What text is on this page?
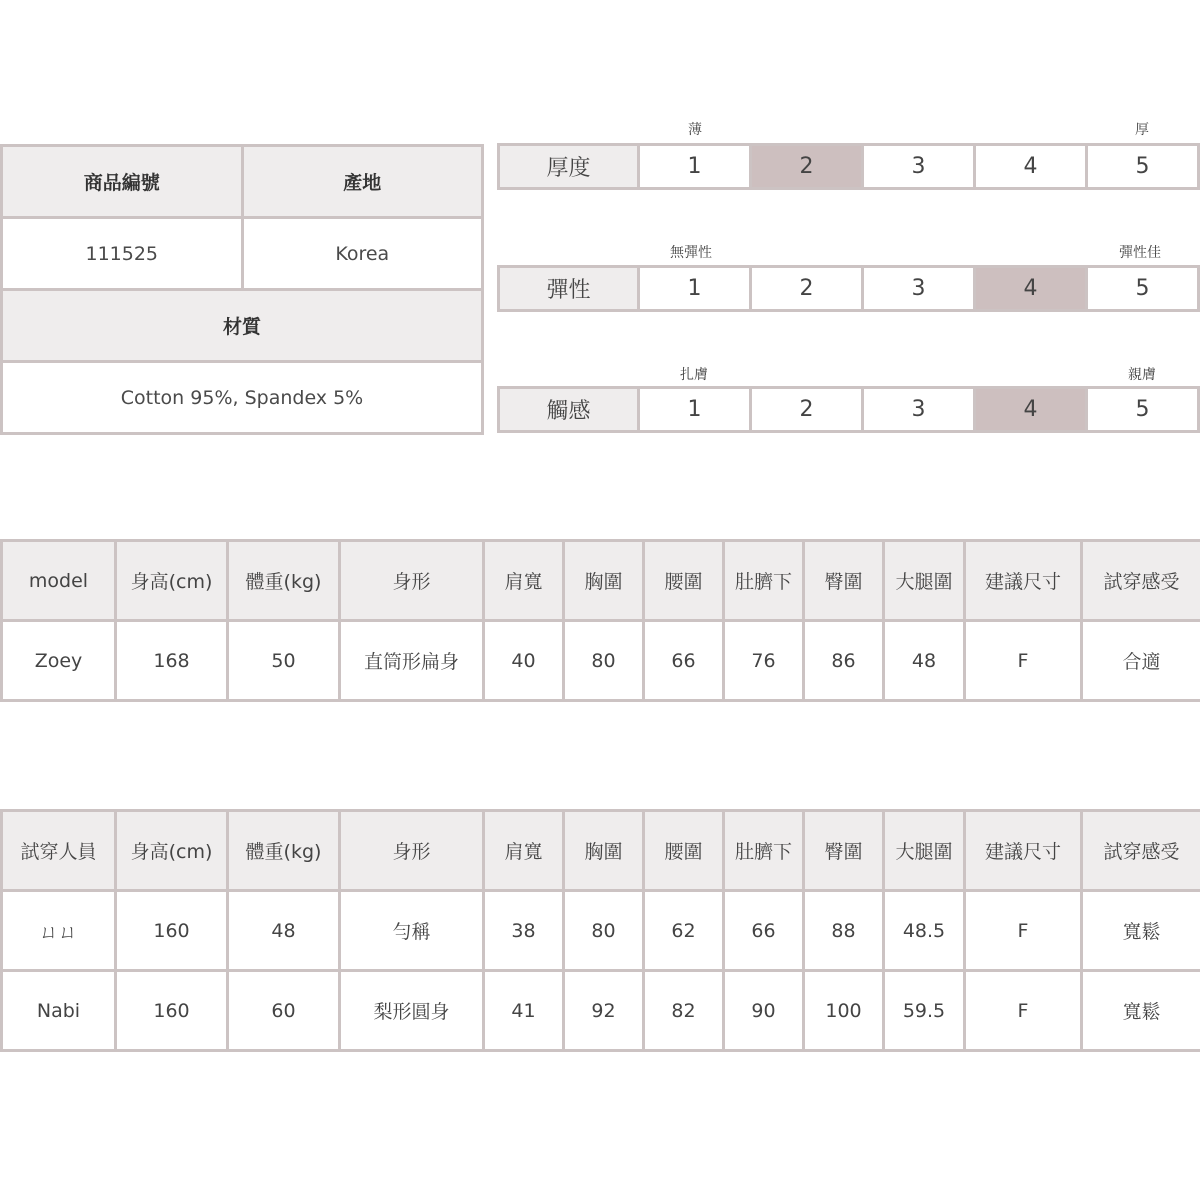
商品編號	產地
111525	Korea
材質	
Cotton 95%, Spandex 5%	
薄	厚
厚度	1	2	3	4	5
無彈性	彈性佳
彈性	1	2	3	4	5
扎膚	親膚
觸感	1	2	3	4	5
model	身高(cm)	體重(kg)	身形	肩寬	胸圍	腰圍	肚臍下	臀圍	大腿圍	建議尺寸	試穿感受
Zoey	168	50	直筒形扁身	40	80	66	76	86	48	F	合適
試穿人員	身高(cm)	體重(kg)	身形	肩寬	胸圍	腰圍	肚臍下	臀圍	大腿圍	建議尺寸	試穿感受
ㄩㄩ	160	48	勻稱	38	80	62	66	88	48.5	F	寬鬆
Nabi	160	60	梨形圓身	41	92	82	90	100	59.5	F	寬鬆
